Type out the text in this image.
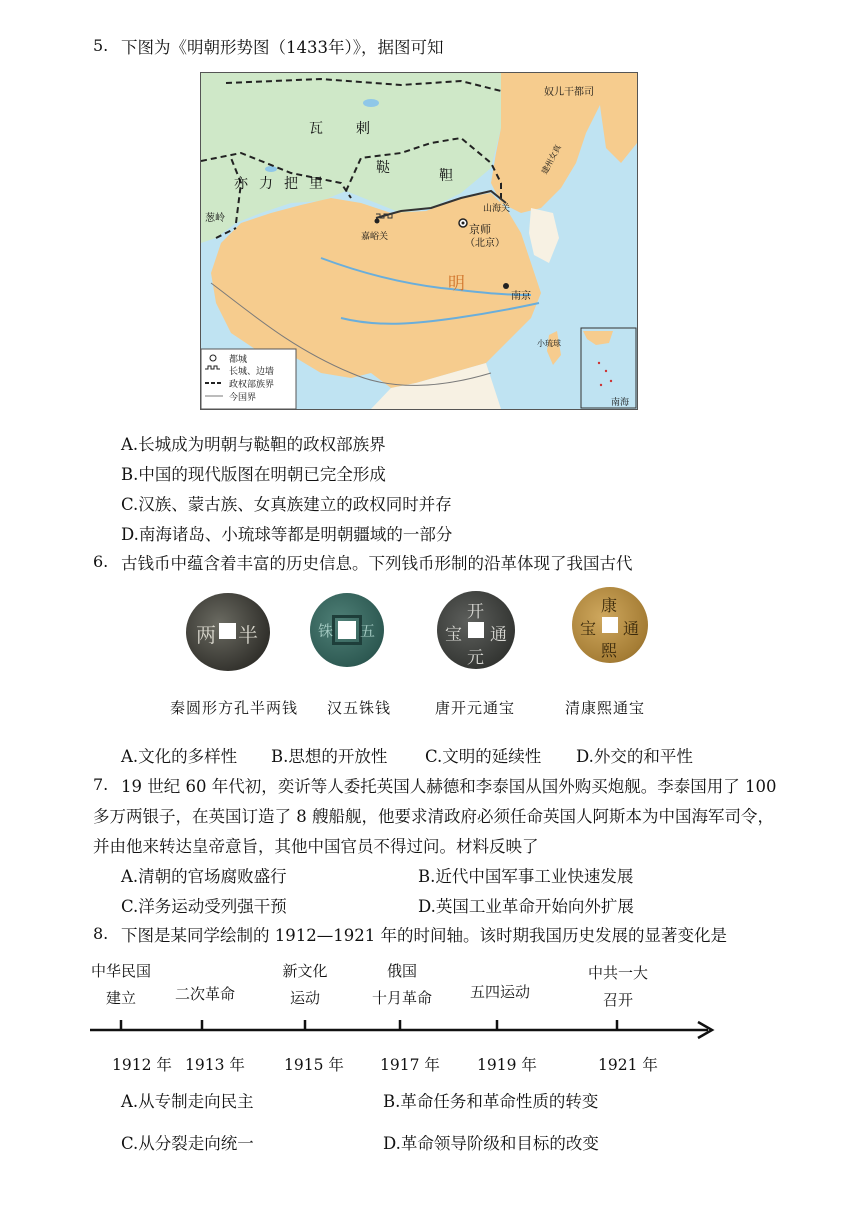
5. 下图为《明朝形势图（1433年）》，据图可知
瓦 剌
亦 力 把 里
鞑	靼
明
京师
（北京）
山海关
嘉峪关
南京
奴儿干都司
建州女真
葱岭
小琉球
南海
都城
长城、边墙
政权部族界
今国界
A.长城成为明朝与鞑靼的政权部族界
B.中国的现代版图在明朝已完全形成
C.汉族、蒙古族、女真族建立的政权同时并存
D.南海诸岛、小琉球等都是明朝疆域的一部分
6. 古钱币中蕴含着丰富的历史信息。下列钱币形制的沿革体现了我国古代
两 半	铢 五
开
元
通
宝
康
熙
通
宝
秦圆形方孔半两钱 汉五铢钱	唐开元通宝	清康熙通宝
A.文化的多样性 B.思想的开放性 C.文明的延续性 D.外交的和平性
7. 19 世纪 60 年代初，奕䜣等人委托英国人赫德和李泰国从国外购买炮舰。李泰国用了 100
多万两银子，在英国订造了 8 艘船舰，他要求清政府必须任命英国人阿斯本为中国海军司令，
并由他来转达皇帝意旨，其他中国官员不得过问。材料反映了
A.清朝的官场腐败盛行	B.近代中国军事工业快速发展
C.洋务运动受列强干预	D.英国工业革命开始向外扩展
8. 下图是某同学绘制的 1912—1921 年的时间轴。该时期我国历史发展的显著变化是
中华民国
建立
	二次革命
新文化
运动
俄国
十月革命
	五四运动
中共一大
召开
1912 年 1913 年	1915 年 1917 年 1919 年	1921 年
A.从专制走向民主	B.革命任务和革命性质的转变
C.从分裂走向统一	D.革命领导阶级和目标的改变
